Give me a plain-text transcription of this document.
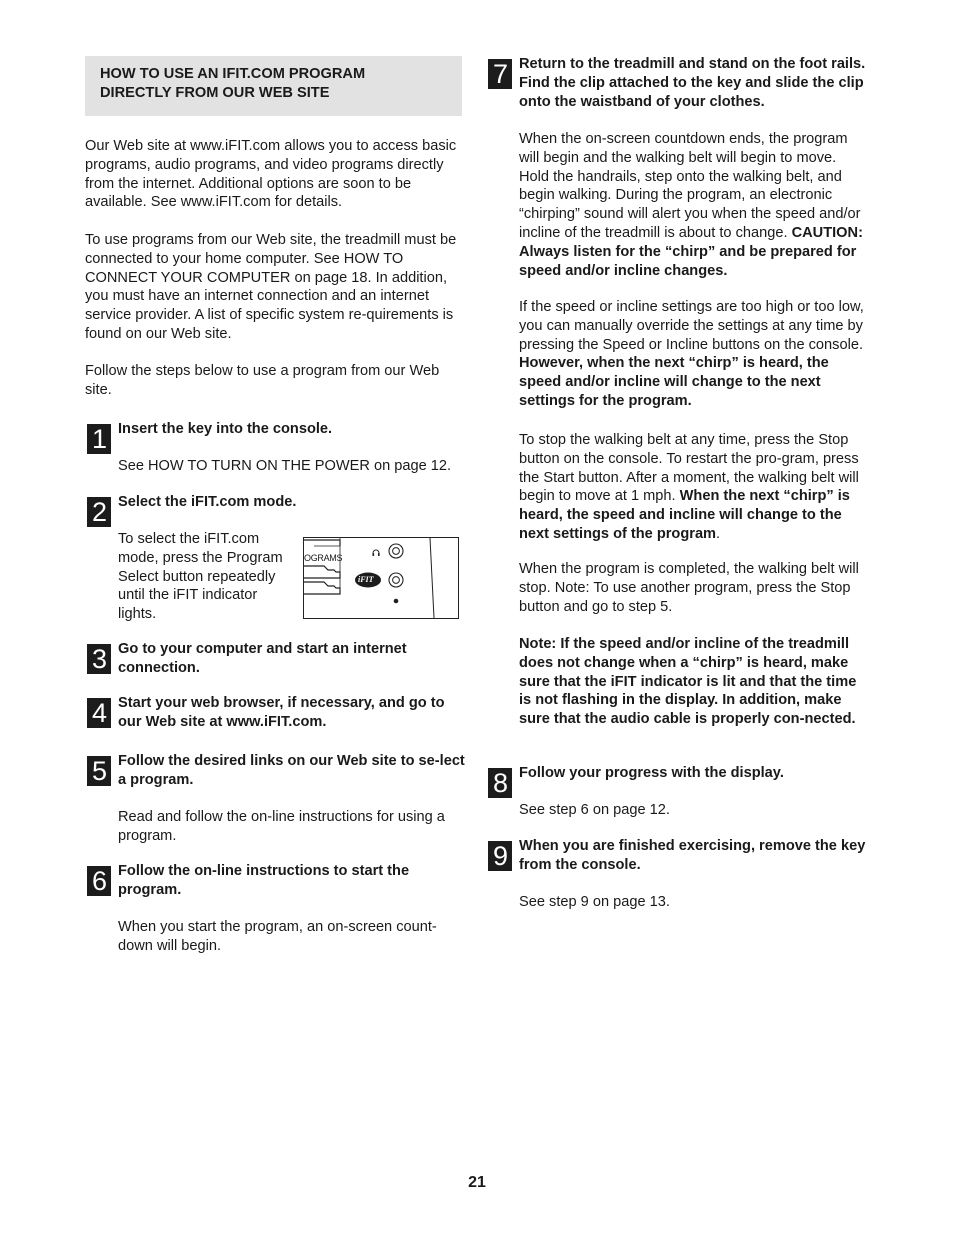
HOW TO USE AN IFIT.COM PROGRAM
DIRECTLY FROM OUR WEB SITE

Our Web site at www.iFIT.com allows you to access basic programs, audio programs, and video programs directly from the internet. Additional options are soon to be available. See www.iFIT.com for details.

To use programs from our Web site, the treadmill must be connected to your home computer. See HOW TO CONNECT YOUR COMPUTER on page 18. In addition, you must have an internet connection and an internet service provider. A list of specific system re-quirements is found on our Web site.

Follow the steps below to use a program from our Web site.

1 Insert the key into the console.

See HOW TO TURN ON THE POWER on page 12.

2 Select the iFIT.com mode.

To select the iFIT.com mode, press the Program Select button repeatedly until the iFIT indicator lights.

OGRAMS
iFIT
3 Go to your computer and start an internet connection.

4 Start your web browser, if necessary, and go to our Web site at www.iFIT.com.

5 Follow the desired links on our Web site to se-lect a program.

Read and follow the on-line instructions for using a program.

6 Follow the on-line instructions to start the program.

When you start the program, an on-screen count-down will begin.

7 Return to the treadmill and stand on the foot rails. Find the clip attached to the key and slide the clip onto the waistband of your clothes.

When the on-screen countdown ends, the program will begin and the walking belt will begin to move. Hold the handrails, step onto the walking belt, and begin walking. During the program, an electronic “chirping” sound will alert you when the speed and/or incline of the treadmill is about to change. CAUTION: Always listen for the “chirp” and be prepared for speed and/or incline changes.

If the speed or incline settings are too high or too low, you can manually override the settings at any time by pressing the Speed or Incline buttons on the console. However, when the next “chirp” is heard, the speed and/or incline will change to the next settings for the program.

To stop the walking belt at any time, press the Stop button on the console. To restart the pro-gram, press the Start button. After a moment, the walking belt will begin to move at 1 mph. When the next “chirp” is heard, the speed and incline will change to the next settings of the program.

When the program is completed, the walking belt will stop. Note: To use another program, press the Stop button and go to step 5.

Note: If the speed and/or incline of the treadmill does not change when a “chirp” is heard, make sure that the iFIT indicator is lit and that the time is not flashing in the display. In addition, make sure that the audio cable is properly con-nected.

8 Follow your progress with the display.

See step 6 on page 12.

9 When you are finished exercising, remove the key from the console.

See step 9 on page 13.

21
